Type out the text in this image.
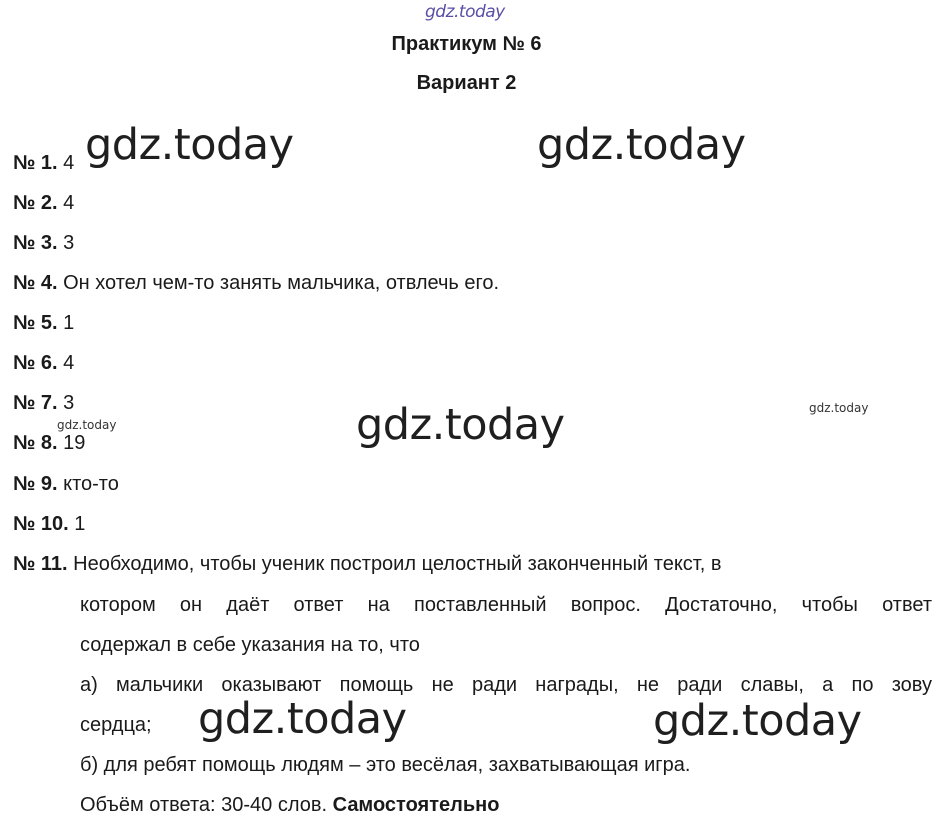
gdz.today
Практикум № 6
Вариант 2
№ 1. 4
№ 2. 4
№ 3. 3
№ 4. Он хотел чем-то занять мальчика, отвлечь его.
№ 5. 1
№ 6. 4
№ 7. 3
№ 8. 19
№ 9. кто-то
№ 10. 1
№ 11. Необходимо, чтобы ученик построил целостный законченный текст, в
котором он даёт ответ на поставленный вопрос. Достаточно, чтобы ответ
содержал в себе указания на то, что
а) мальчики оказывают помощь не ради награды, не ради славы, а по зову
сердца;
б) для ребят помощь людям – это весёлая, захватывающая игра.
Объём ответа: 30-40 слов. Самостоятельно
gdz.today	gdz.today
gdz.today
gdz.today	gdz.today
gdz.today
gdz.today
